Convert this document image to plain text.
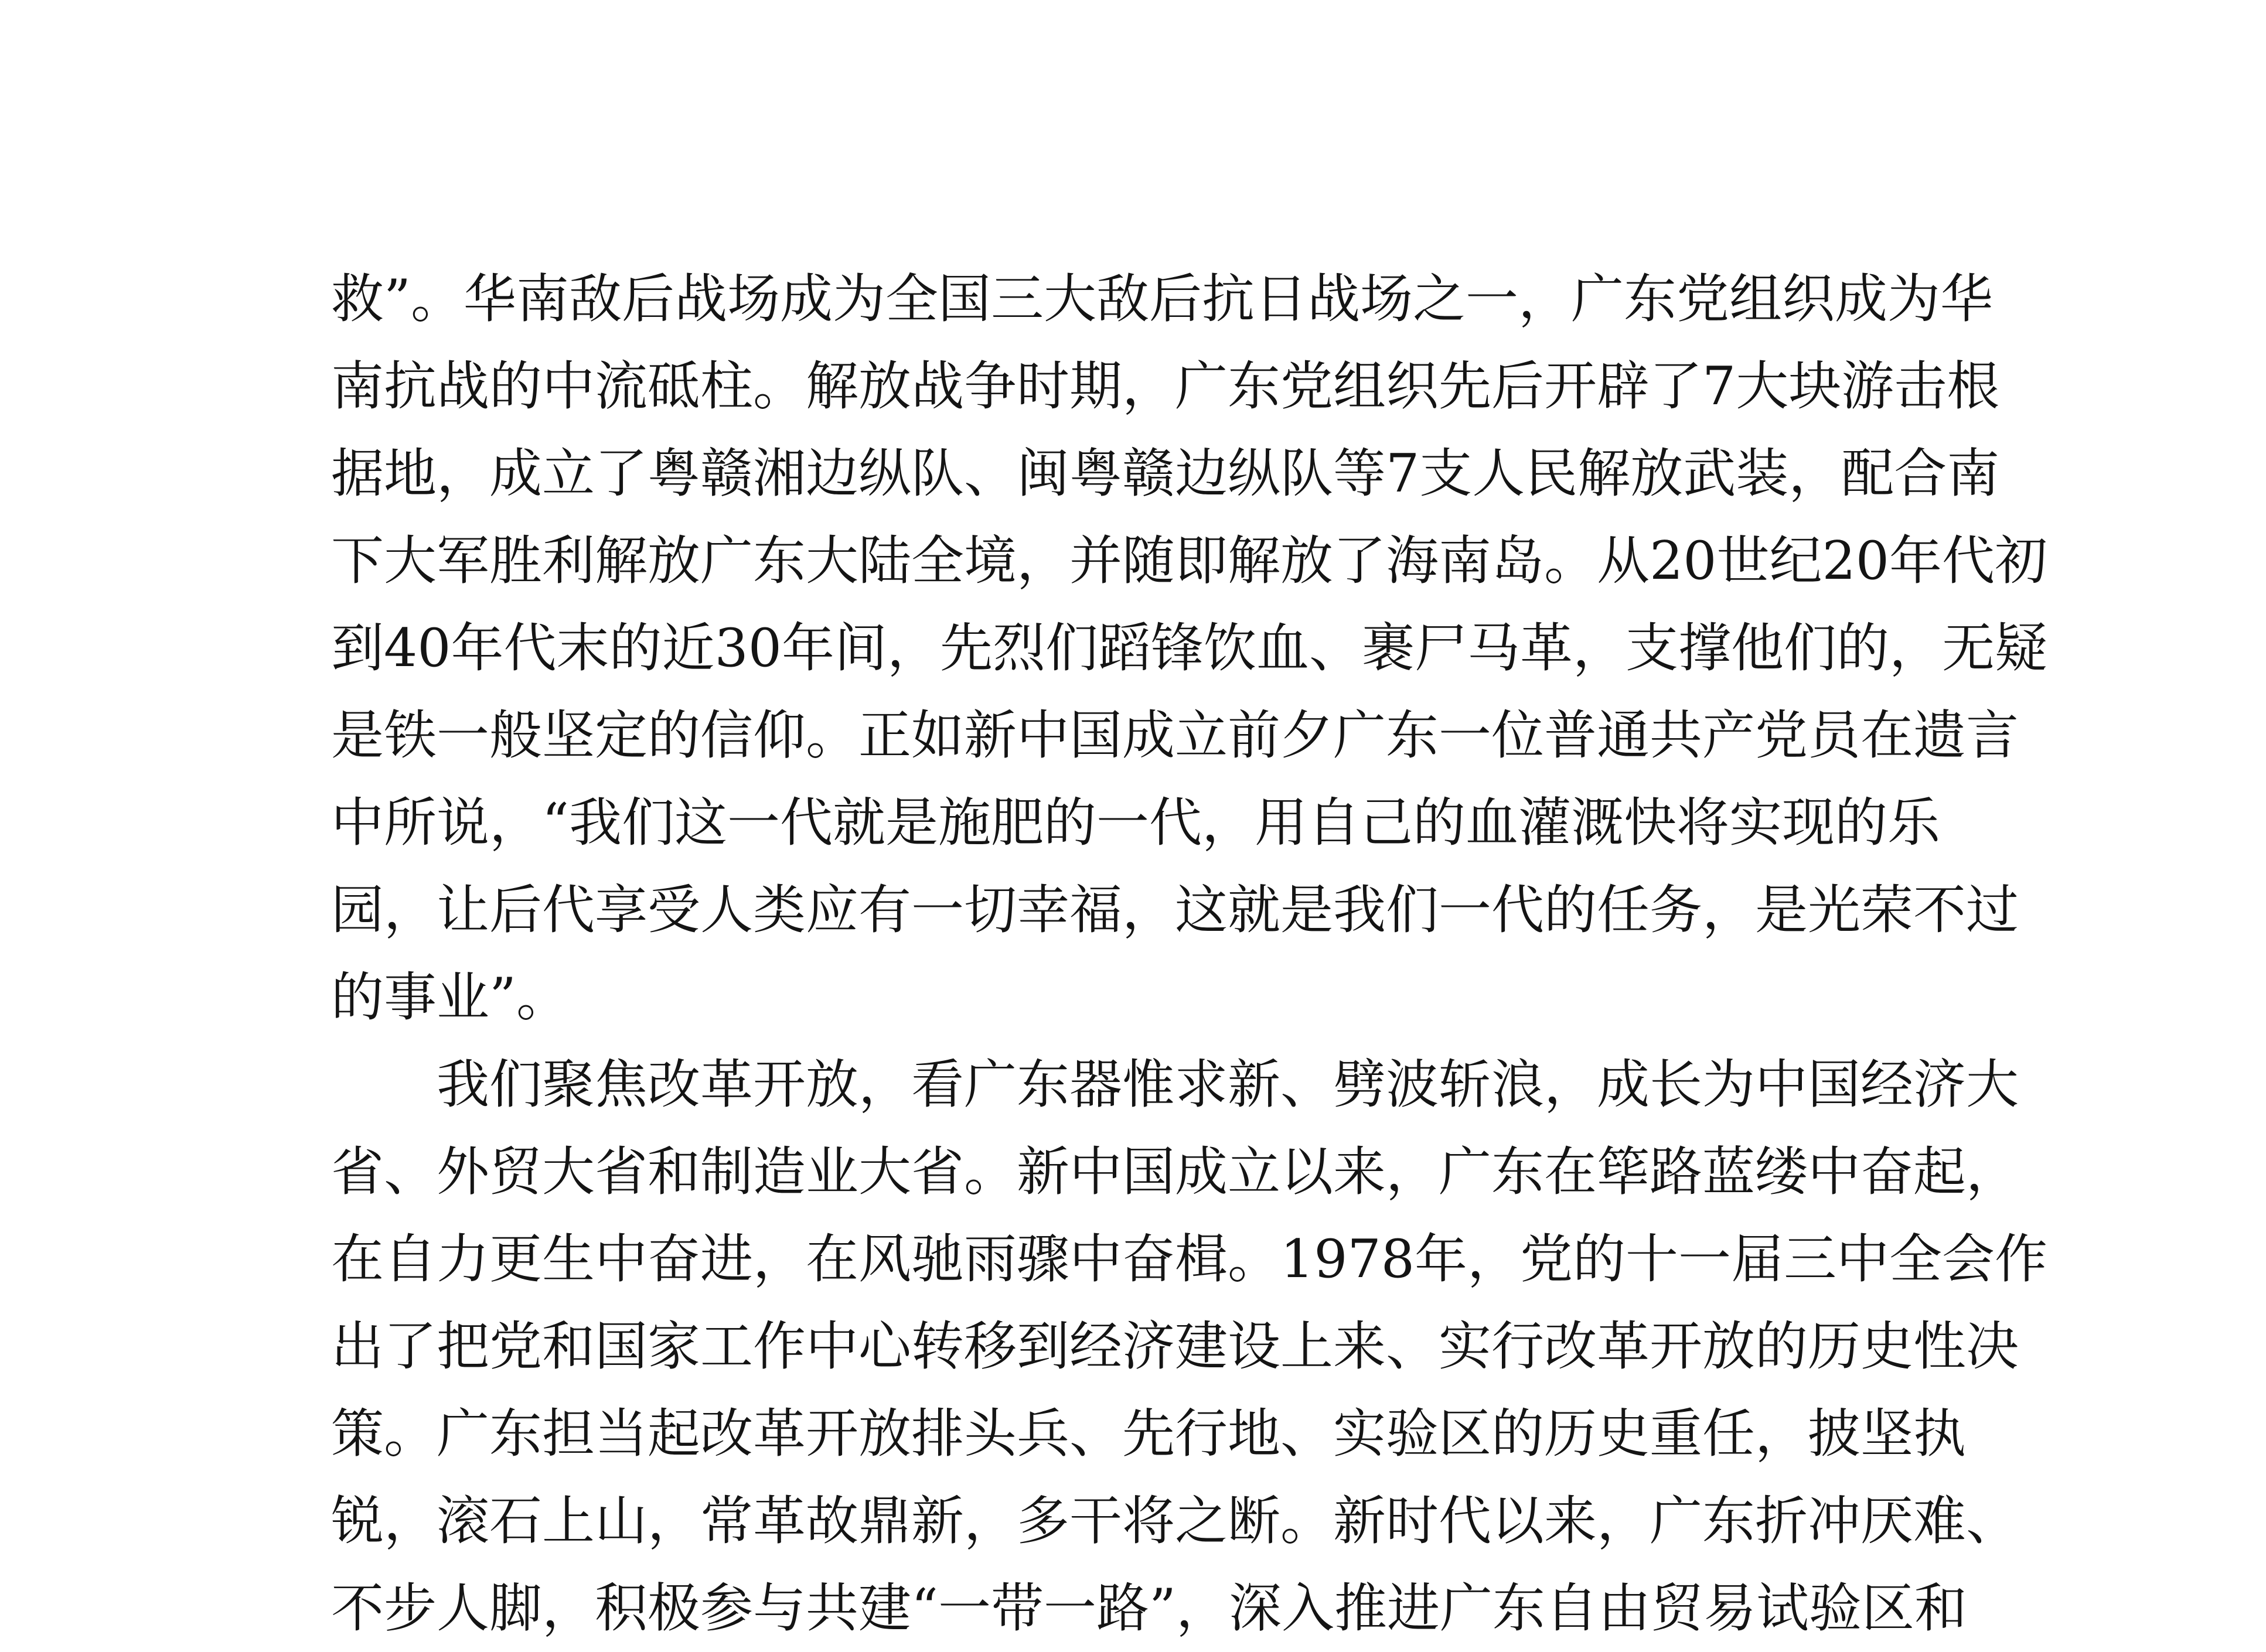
救”。华南敌后战场成为全国三大敌后抗日战场之一，广东党组织成为华
南抗战的中流砥柱。解放战争时期，广东党组织先后开辟了7大块游击根
据地，成立了粤赣湘边纵队、闽粤赣边纵队等7支人民解放武装，配合南
下大军胜利解放广东大陆全境，并随即解放了海南岛。从20世纪20年代初
到40年代末的近30年间，先烈们蹈锋饮血、裹尸马革，支撑他们的，无疑
是铁一般坚定的信仰。正如新中国成立前夕广东一位普通共产党员在遗言
中所说，“我们这一代就是施肥的一代，用自己的血灌溉快将实现的乐
园，让后代享受人类应有一切幸福，这就是我们一代的任务，是光荣不过
的事业”。
　　我们聚焦改革开放，看广东器惟求新、劈波斩浪，成长为中国经济大
省、外贸大省和制造业大省。新中国成立以来，广东在筚路蓝缕中奋起，
在自力更生中奋进，在风驰雨骤中奋楫。1978年，党的十一届三中全会作
出了把党和国家工作中心转移到经济建设上来、实行改革开放的历史性决
策。广东担当起改革开放排头兵、先行地、实验区的历史重任，披坚执
锐，滚石上山，常革故鼎新，多干将之断。新时代以来，广东折冲厌难、
不步人脚，积极参与共建“一带一路”，深入推进广东自由贸易试验区和
